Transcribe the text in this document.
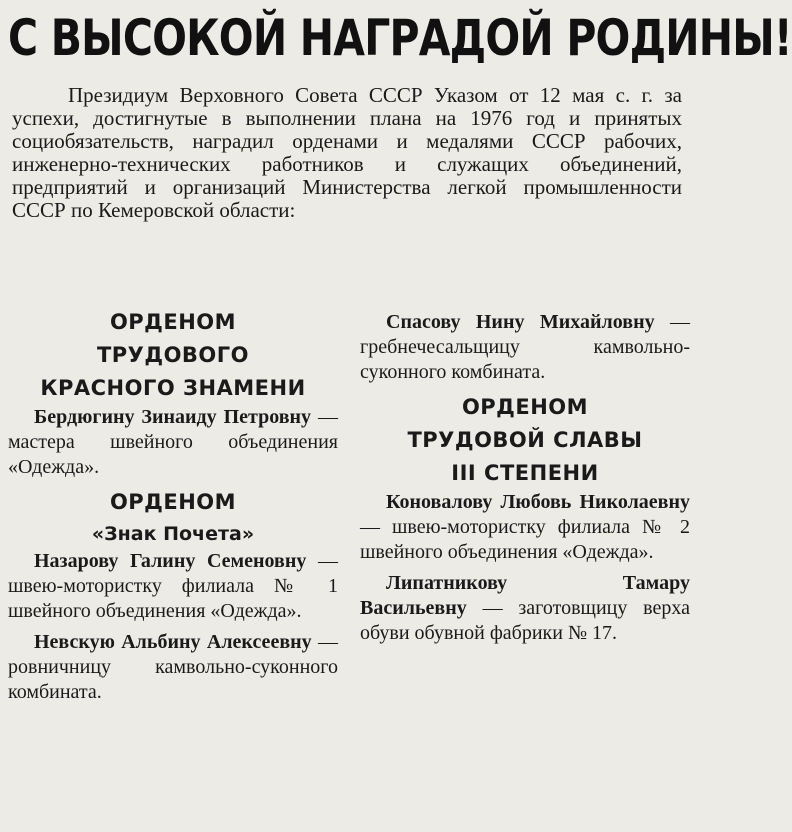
С ВЫСОКОЙ НАГРАДОЙ РОДИНЫ!

Президиум Верховного Совета СССР Указом от 12 мая с. г. за успехи, достигнутые в выполнении плана на 1976 год и принятых социобязательств, наградил орденами и медалями СССР рабочих, инженерно-технических работников и служащих объединений, предприятий и организаций Министерства легкой промышленности СССР по Кемеровской области:

ОРДЕНОМ

ТРУДОВОГО

КРАСНОГО ЗНАМЕНИ

Бердюгину Зинаиду Петровну —мастера швейного объединения «Одежда».

ОРДЕНОМ

«Знак Почета»

Назарову Галину Семеновну — швею-мотористку филиала № 1 швейного объединения «Одежда».

Невскую Альбину Алексеевну — ровничницу камвольно-суконного комбината.

Спасову Нину Михайловну — гребнечесальщицу камвольно-суконного комбината.

ОРДЕНОМ

ТРУДОВОЙ СЛАВЫ

III СТЕПЕНИ

Коновалову Любовь Николаевну — швею-мотористку филиала № 2 швейного объединения «Одежда».

Липатникову Тамару Васильевну — заготовщицу верха обуви обувной фабрики № 17.
